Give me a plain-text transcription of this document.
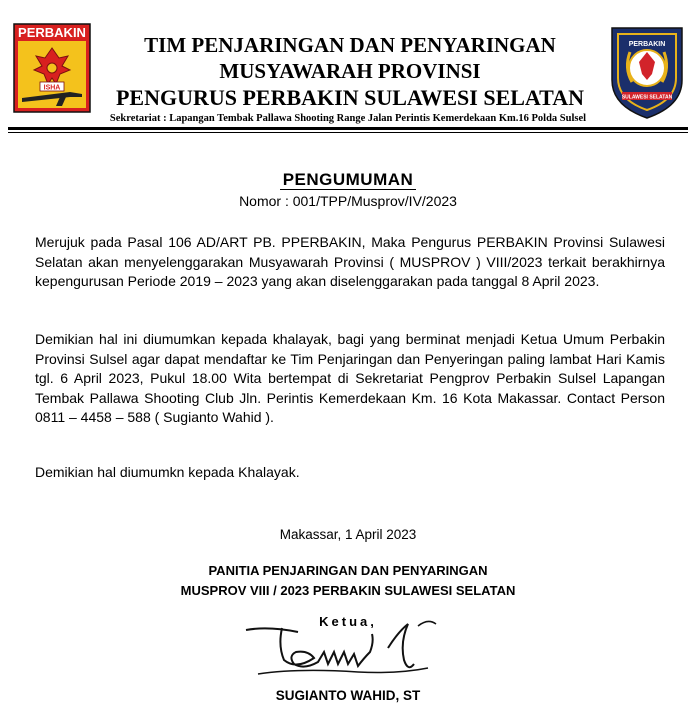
PERBAKIN
ISHA

TIM PENJARINGAN DAN PENYARINGAN

MUSYAWARAH PROVINSI

PENGURUS PERBAKIN SULAWESI SELATAN

PERBAKIN
SULAWESI SELATAN
Sekretariat : Lapangan Tembak Pallawa Shooting Range Jalan Perintis Kemerdekaan Km.16 Polda Sulsel
PENGUMUMAN
Nomor : 001/TPP/Musprov/IV/2023

Merujuk pada Pasal 106 AD/ART PB. PPERBAKIN, Maka Pengurus PERBAKIN Provinsi Sulawesi Selatan akan menyelenggarakan Musyawarah Provinsi ( MUSPROV ) VIII/2023 terkait berakhirnya kepengurusan Periode 2019 – 2023 yang akan diselenggarakan pada tanggal 8 April 2023.

Demikian hal ini diumumkan kepada khalayak, bagi yang berminat menjadi Ketua Umum Perbakin Provinsi Sulsel agar dapat mendaftar ke Tim Penjaringan dan Penyeringan paling lambat Hari Kamis tgl. 6 April 2023, Pukul 18.00 Wita bertempat di Sekretariat Pengprov Perbakin Sulsel Lapangan Tembak Pallawa Shooting Club Jln. Perintis Kemerdekaan Km. 16 Kota Makassar. Contact Person 0811 – 4458 – 588 ( Sugianto Wahid ).

Demikian hal diumumkn kepada Khalayak.

Makassar, 1 April 2023
PANITIA PENJARINGAN DAN PENYARINGAN
MUSPROV VIII / 2023 PERBAKIN SULAWESI SELATAN
Ketua,
SUGIANTO WAHID, ST
